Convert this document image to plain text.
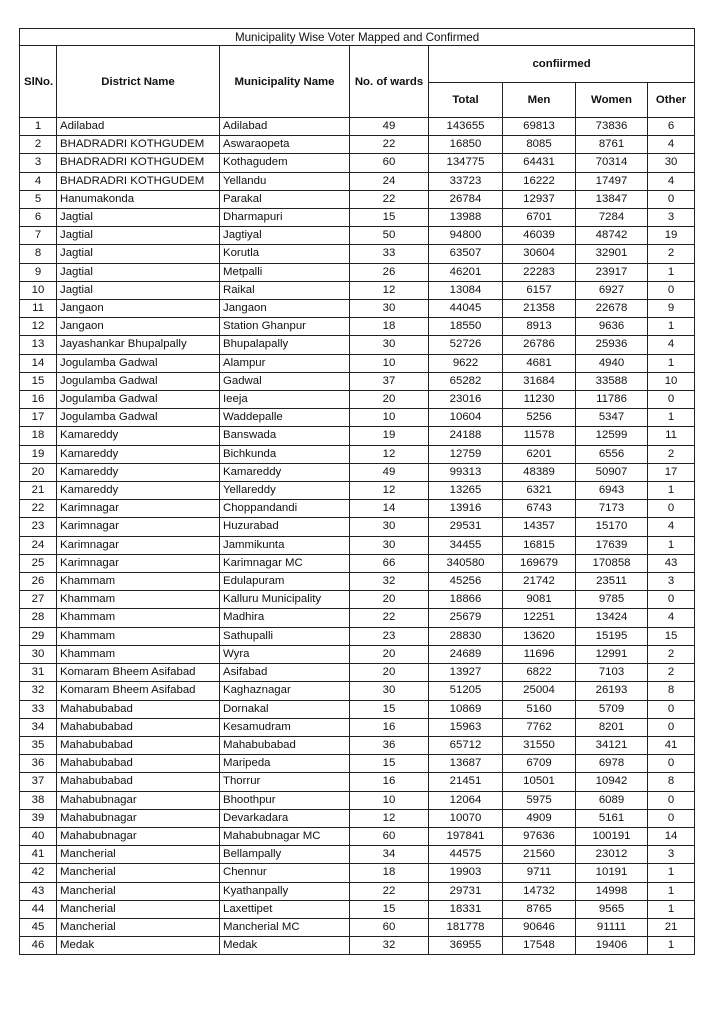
Municipality Wise Voter Mapped and Confirmed							
SlNo.	District Name	Municipality Name	No. of wards	confiirmed			
				Total	Men	Women	Other
1	Adilabad	Adilabad	49	143655	69813	73836	6
2	BHADRADRI KOTHGUDEM	Aswaraopeta	22	16850	8085	8761	4
3	BHADRADRI KOTHGUDEM	Kothagudem	60	134775	64431	70314	30
4	BHADRADRI KOTHGUDEM	Yellandu	24	33723	16222	17497	4
5	Hanumakonda	Parakal	22	26784	12937	13847	0
6	Jagtial	Dharmapuri	15	13988	6701	7284	3
7	Jagtial	Jagtiyal	50	94800	46039	48742	19
8	Jagtial	Korutla	33	63507	30604	32901	2
9	Jagtial	Metpalli	26	46201	22283	23917	1
10	Jagtial	Raikal	12	13084	6157	6927	0
11	Jangaon	Jangaon	30	44045	21358	22678	9
12	Jangaon	Station Ghanpur	18	18550	8913	9636	1
13	Jayashankar Bhupalpally	Bhupalapally	30	52726	26786	25936	4
14	Jogulamba Gadwal	Alampur	10	9622	4681	4940	1
15	Jogulamba Gadwal	Gadwal	37	65282	31684	33588	10
16	Jogulamba Gadwal	Ieeja	20	23016	11230	11786	0
17	Jogulamba Gadwal	Waddepalle	10	10604	5256	5347	1
18	Kamareddy	Banswada	19	24188	11578	12599	11
19	Kamareddy	Bichkunda	12	12759	6201	6556	2
20	Kamareddy	Kamareddy	49	99313	48389	50907	17
21	Kamareddy	Yellareddy	12	13265	6321	6943	1
22	Karimnagar	Choppandandi	14	13916	6743	7173	0
23	Karimnagar	Huzurabad	30	29531	14357	15170	4
24	Karimnagar	Jammikunta	30	34455	16815	17639	1
25	Karimnagar	Karimnagar MC	66	340580	169679	170858	43
26	Khammam	Edulapuram	32	45256	21742	23511	3
27	Khammam	Kalluru Municipality	20	18866	9081	9785	0
28	Khammam	Madhira	22	25679	12251	13424	4
29	Khammam	Sathupalli	23	28830	13620	15195	15
30	Khammam	Wyra	20	24689	11696	12991	2
31	Komaram Bheem Asifabad	Asifabad	20	13927	6822	7103	2
32	Komaram Bheem Asifabad	Kaghaznagar	30	51205	25004	26193	8
33	Mahabubabad	Dornakal	15	10869	5160	5709	0
34	Mahabubabad	Kesamudram	16	15963	7762	8201	0
35	Mahabubabad	Mahabubabad	36	65712	31550	34121	41
36	Mahabubabad	Maripeda	15	13687	6709	6978	0
37	Mahabubabad	Thorrur	16	21451	10501	10942	8
38	Mahabubnagar	Bhoothpur	10	12064	5975	6089	0
39	Mahabubnagar	Devarkadara	12	10070	4909	5161	0
40	Mahabubnagar	Mahabubnagar MC	60	197841	97636	100191	14
41	Mancherial	Bellampally	34	44575	21560	23012	3
42	Mancherial	Chennur	18	19903	9711	10191	1
43	Mancherial	Kyathanpally	22	29731	14732	14998	1
44	Mancherial	Laxettipet	15	18331	8765	9565	1
45	Mancherial	Mancherial MC	60	181778	90646	91111	21
46	Medak	Medak	32	36955	17548	19406	1
